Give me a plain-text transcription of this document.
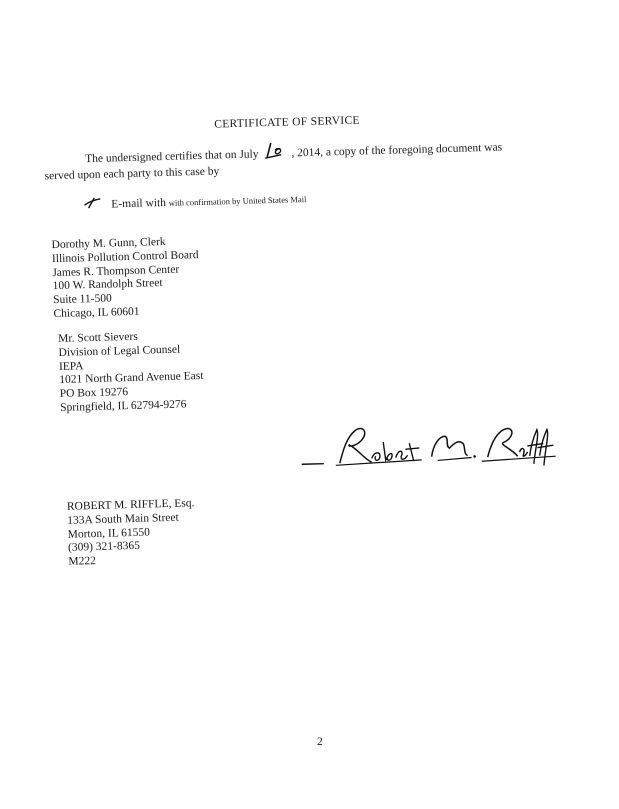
CERTIFICATE OF SERVICE
The undersigned certifies that on July	, 2014, a copy of the foregoing document was
served upon each party to this case by
E-mail with with confirmation by United States Mail
Dorothy M. Gunn, Clerk
Illinois Pollution Control Board
James R. Thompson Center
100 W. Randolph Street
Suite 11-500
Chicago, IL 60601
Mr. Scott Sievers
Division of Legal Counsel
IEPA
1021 North Grand Avenue East
PO Box 19276
Springfield, IL 62794-9276
ROBERT M. RIFFLE, Esq.
133A South Main Street
Morton, IL 61550
(309) 321-8365
M222
2
